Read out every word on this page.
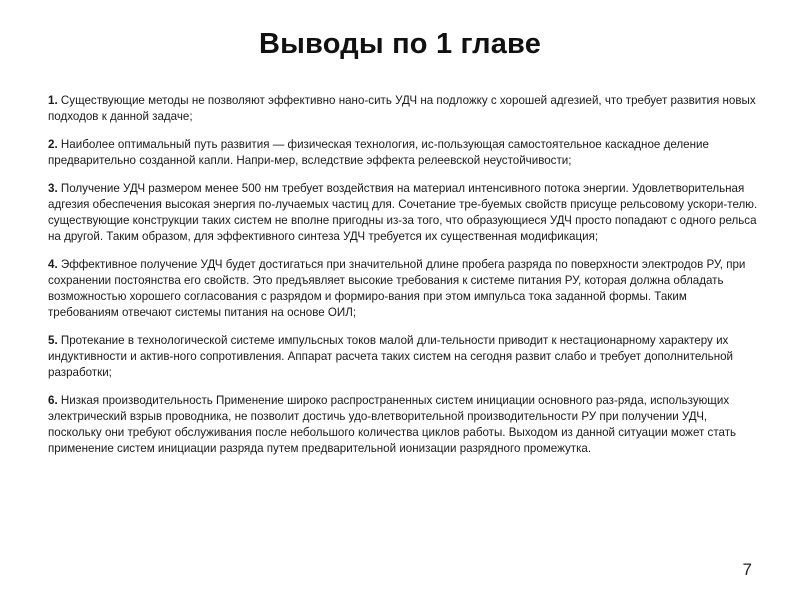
Выводы по 1 главе
1. Существующие методы не позволяют эффективно нано-сить УДЧ на подложку с хорошей адгезией, что требует развития новых подходов к данной задаче;
2. Наиболее оптимальный путь развития — физическая технология, ис-пользующая самостоятельное каскадное деление предварительно созданной капли. Напри-мер, вследствие эффекта релеевской неустойчивости;
3. Получение УДЧ размером менее 500 нм требует воздействия на материал интенсивного потока энергии. Удовлетворительная адгезия обеспечения высокая энергия по-лучаемых частиц для. Сочетание тре-буемых свойств присуще рельсовому ускори-телю. существующие конструкции таких систем не вполне пригодны из-за того, что образующиеся УДЧ просто попадают с одного рельса на другой. Таким образом, для эффективного синтеза УДЧ требуется их существенная модификация;
4. Эффективное получение УДЧ будет достигаться при значительной длине пробега разряда по поверхности электродов РУ, при сохранении постоянства его свойств. Это предъявляет высокие требования к системе питания РУ, которая должна обладать возможностью хорошего согласования с разрядом и формиро-вания при этом импульса тока заданной формы. Таким требованиям отвечают системы питания на основе ОИЛ;
5. Протекание в технологической системе импульсных токов малой дли-тельности приводит к нестационарному характеру их индуктивности и актив-ного сопротивления. Аппарат расчета таких систем на сегодня развит слабо и требует дополнительной разработки;
6. Низкая производительность Применение широко распространенных систем инициации основного раз-ряда, использующих электрический взрыв проводника, не позволит достичь удо-влетворительной производительности РУ при получении УДЧ, поскольку они требуют обслуживания после небольшого количества циклов работы. Выходом из данной ситуации может стать применение систем инициации разряда путем предварительной ионизации разрядного промежутка.
7
